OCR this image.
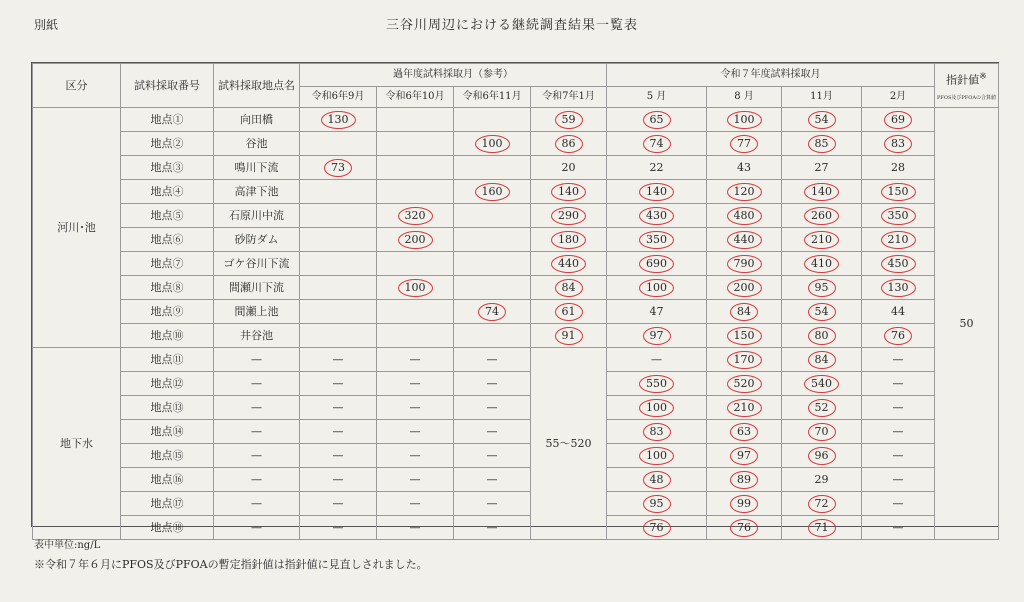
別紙	三谷川周辺における継続調査結果一覧表
区分	試料採取番号	試料採取地点名	過年度試料採取月（参考）				令和７年度試料採取月				指針値※
PFOS及びPFOAの合算値

			令和6年9月	令和6年10月	令和6年11月	令和7年1月	5 月	8 月	11月	2月	
河川･池	地点①	向田橋	130			59	65	100	54	69	50
	地点②	谷池			100	86	74	77	85	83	
	地点③	鳴川下流	73			20	22	43	27	28	
	地点④	高津下池			160	140	140	120	140	150	
	地点⑤	石原川中流		320		290	430	480	260	350	
	地点⑥	砂防ダム		200		180	350	440	210	210	
	地点⑦	ゴケ谷川下流				440	690	790	410	450	
	地点⑧	間瀬川下流		100		84	100	200	95	130	
	地点⑨	間瀬上池			74	61	47	84	54	44	
	地点⑩	井谷池				91	97	150	80	76	
地下水	地点⑪	—	—	—	—	55～520	—	170	84	—	
	地点⑫	—	—	—	—		550	520	540	—	
	地点⑬	—	—	—	—		100	210	52	—	
	地点⑭	—	—	—	—		83	63	70	—	
	地点⑮	—	—	—	—		100	97	96	—	
	地点⑯	—	—	—	—		48	89	29	—	
	地点⑰	—	—	—	—		95	99	72	—	
	地点⑱	—	—	—	—		76	76	71	—	
表中単位:ng/L
※令和７年６月にPFOS及びPFOAの暫定指針値は指針値に見直しされました。
